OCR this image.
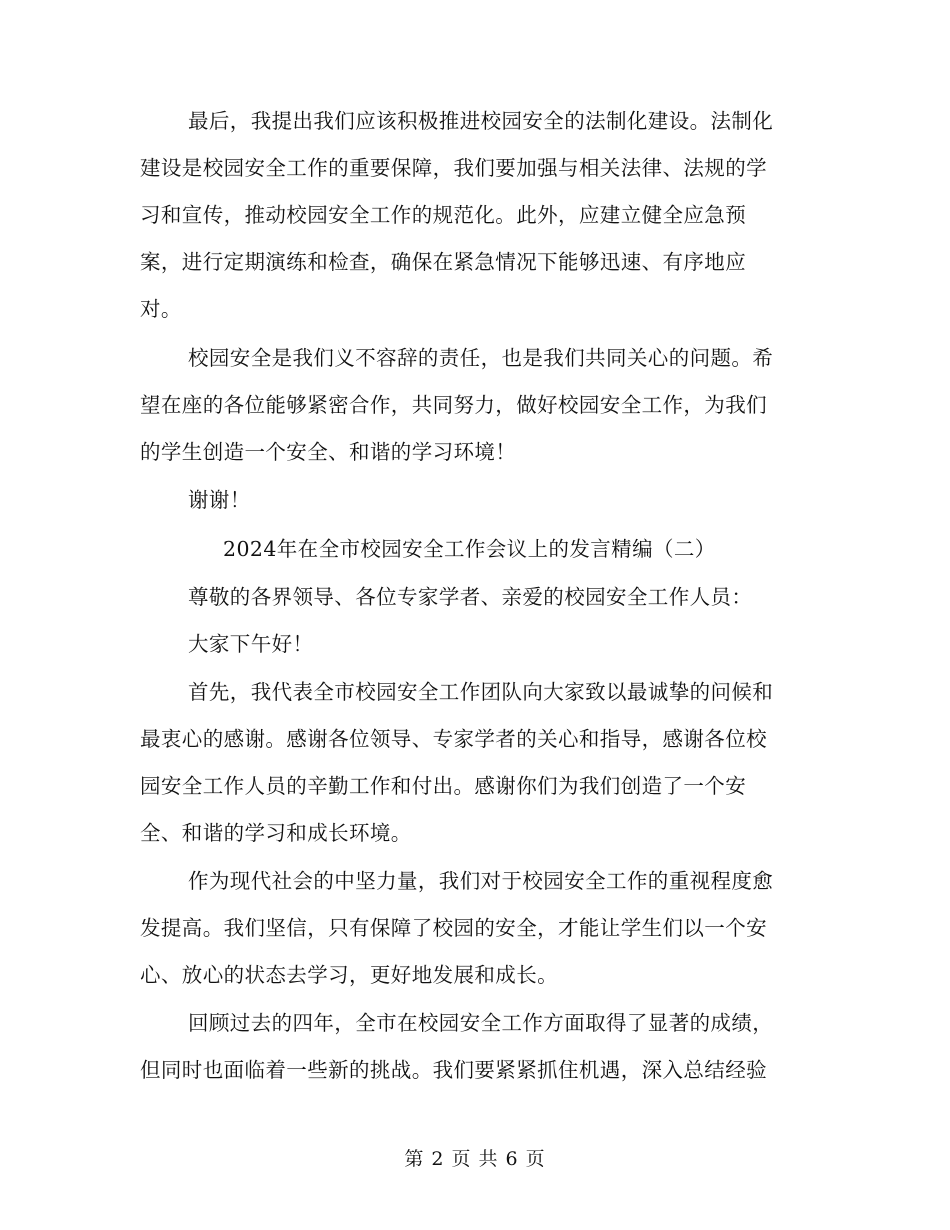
最后，我提出我们应该积极推进校园安全的法制化建设。法制化
建设是校园安全工作的重要保障，我们要加强与相关法律、法规的学
习和宣传，推动校园安全工作的规范化。此外，应建立健全应急预
案，进行定期演练和检查，确保在紧急情况下能够迅速、有序地应
对。
校园安全是我们义不容辞的责任，也是我们共同关心的问题。希
望在座的各位能够紧密合作，共同努力，做好校园安全工作，为我们
的学生创造一个安全、和谐的学习环境！
谢谢！
2024年在全市校园安全工作会议上的发言精编（二）
尊敬的各界领导、各位专家学者、亲爱的校园安全工作人员：
大家下午好！
首先，我代表全市校园安全工作团队向大家致以最诚挚的问候和
最衷心的感谢。感谢各位领导、专家学者的关心和指导，感谢各位校
园安全工作人员的辛勤工作和付出。感谢你们为我们创造了一个安
全、和谐的学习和成长环境。
作为现代社会的中坚力量，我们对于校园安全工作的重视程度愈
发提高。我们坚信，只有保障了校园的安全，才能让学生们以一个安
心、放心的状态去学习，更好地发展和成长。
回顾过去的四年，全市在校园安全工作方面取得了显著的成绩，
但同时也面临着一些新的挑战。我们要紧紧抓住机遇，深入总结经验
第 2 页 共 6 页
